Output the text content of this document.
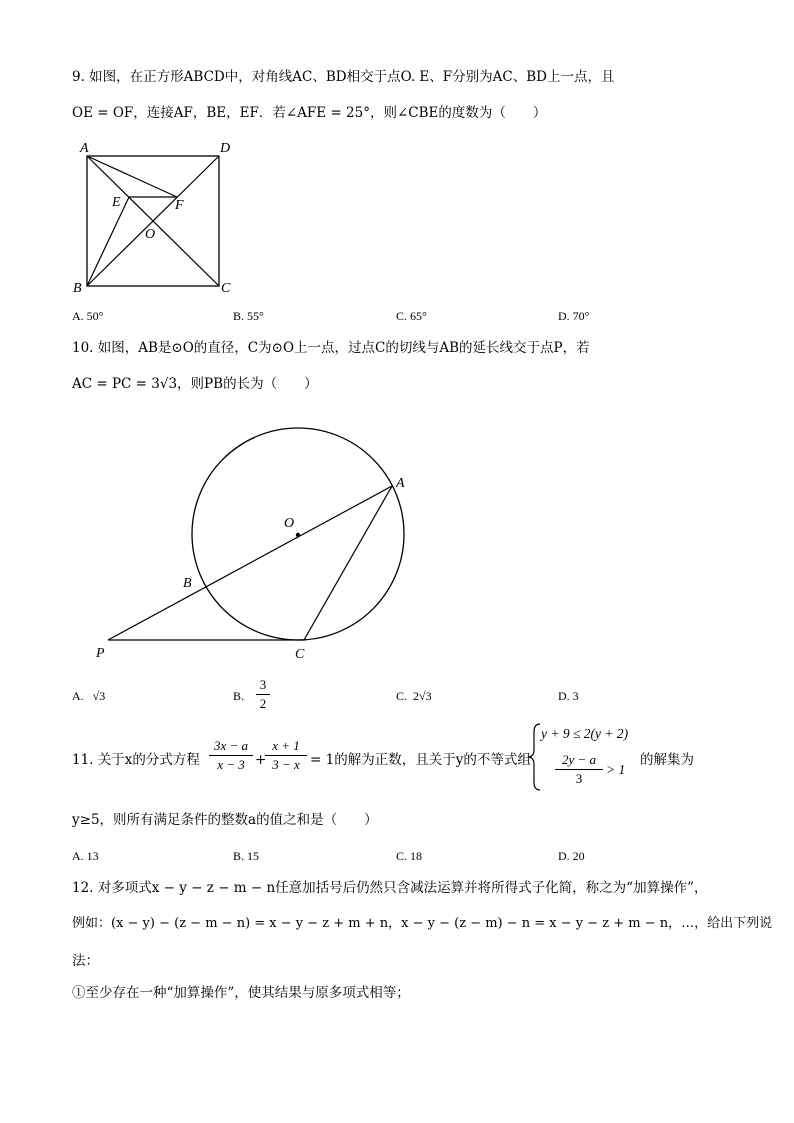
9. 如图，在正方形ABCD中，对角线AC、BD相交于点O. E、F分别为AC、BD上一点，且
OE = OF，连接AF，BE，EF．若∠AFE = 25°，则∠CBE的度数为（　　）
A	D
B	C
E	F
O
A. 50°	B. 55°	C. 65°	D. 70°
10. 如图，AB是⊙O的直径，C为⊙O上一点，过点C的切线与AB的延长线交于点P，若
AC = PC = 3√3，则PB的长为（　　）
O
A
B
P	C
A. √3	B.
3
2	C. 2√3	D. 3
11. 关于x的分式方程
3x − a
x − 3 +
x + 1
3 − x = 1的解为正数，且关于y的不等式组
y + 9 ≤ 2(y + 2)
2y − a
3
> 1
的解集为
y≥5，则所有满足条件的整数a的值之和是（　　）
A. 13	B. 15	C. 18	D. 20
12. 对多项式x − y − z − m − n任意加括号后仍然只含减法运算并将所得式子化简，称之为“加算操作”，
例如：(x − y) − (z − m − n) = x − y − z + m + n，x − y − (z − m) − n = x − y − z + m − n，…，给出下列说
法：
①至少存在一种“加算操作”，使其结果与原多项式相等；
